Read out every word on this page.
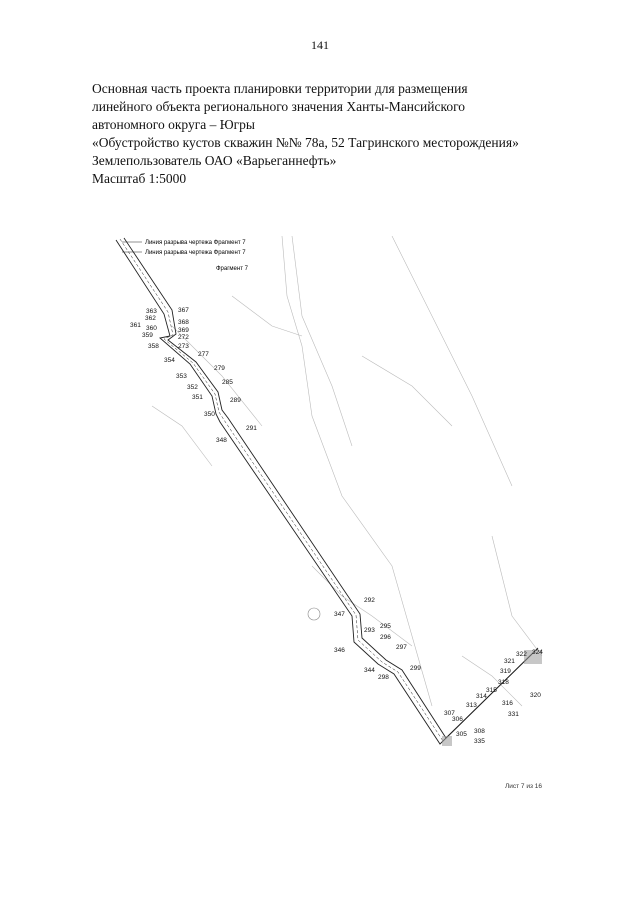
141
Основная часть проекта планировки территории для размещения
линейного объекта регионального значения Ханты-Мансийского
автономного округа – Югры
«Обустройство кустов скважин №№ 78а, 52 Тагринского месторождения»
Землепользователь ОАО «Варьеганнефть»
Масштаб 1:5000
Линия разрыва чертежа Фрагмент 7
Линия разрыва чертежа Фрагмент 7
Фрагмент 7
363	367
362
368
361 360	369
359	272
358	273
354
277
279
353
352
285
351	289
350
291
348
347
292
293
295
296
346	297
344	299
298
322 324
321
319
318
315
320
314
316
313
331
307
306
305 308
335
Лист 7 из 16
